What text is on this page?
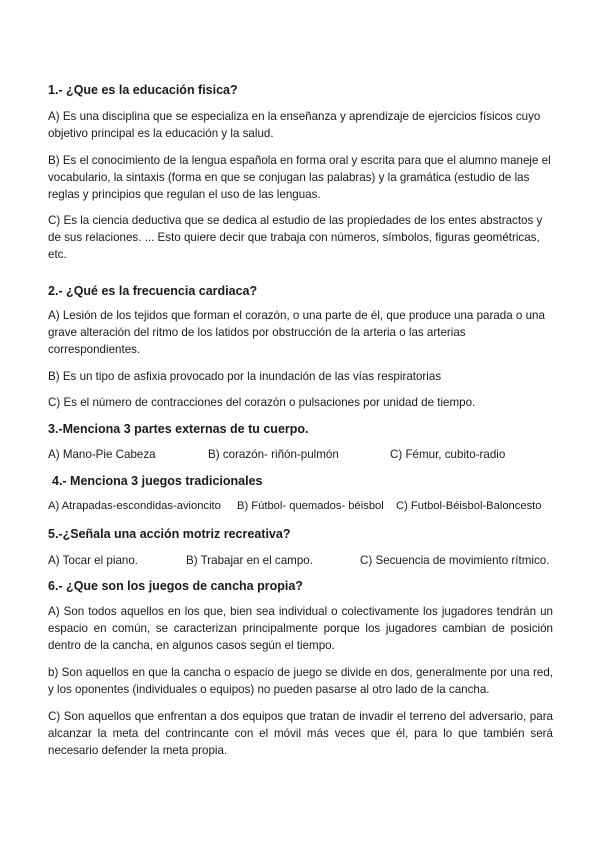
1.- ¿Que es la educación fisica?
A) Es una disciplina que se especializa en la enseñanza y aprendizaje de ejercicios físicos cuyo objetivo principal es la educación y la salud.
B) Es el conocimiento de la lengua española en forma oral y escrita para que el alumno maneje el vocabulario, la sintaxis (forma en que se conjugan las palabras) y la gramática (estudio de las reglas y principios que regulan el uso de las lenguas.
C) Es la ciencia deductiva que se dedica al estudio de las propiedades de los entes abstractos y de sus relaciones. ... Esto quiere decir que trabaja con números, símbolos, figuras geométricas, etc.
2.- ¿Qué es la frecuencia cardiaca?
A) Lesión de los tejidos que forman el corazón, o una parte de él, que produce una parada o una grave alteración del ritmo de los latidos por obstrucción de la arteria o las arterias correspondientes.
B) Es un tipo de asfixia provocado por la inundación de las vías respiratorias
C) Es el número de contracciones del corazón o pulsaciones por unidad de tiempo.
3.-Menciona 3 partes externas de tu cuerpo.
A) Mano-Pie Cabeza	B) corazón- riñón-pulmón	C) Fémur, cubito-radio
4.- Menciona 3 juegos tradicionales
A) Atrapadas-escondidas-avioncito B) Fútbol- quemados- béisbol C) Futbol-Béisbol-Baloncesto
5.-¿Señala una acción motriz recreativa?
A) Tocar el piano.	B) Trabajar en el campo.	C) Secuencia de movimiento rítmico.
6.- ¿Que son los juegos de cancha propia?
A) Son todos aquellos en los que, bien sea individual o colectivamente los jugadores tendrán un espacio en común, se caracterizan principalmente porque los jugadores cambian de posición dentro de la cancha, en algunos casos según el tiempo.
b) Son aquellos en que la cancha o espacio de juego se divide en dos, generalmente por una red, y los oponentes (individuales o equipos) no pueden pasarse al otro lado de la cancha.
C) Son aquellos que enfrentan a dos equipos que tratan de invadir el terreno del adversario, para alcanzar la meta del contrincante con el móvil más veces que él, para lo que también será necesario defender la meta propia.
